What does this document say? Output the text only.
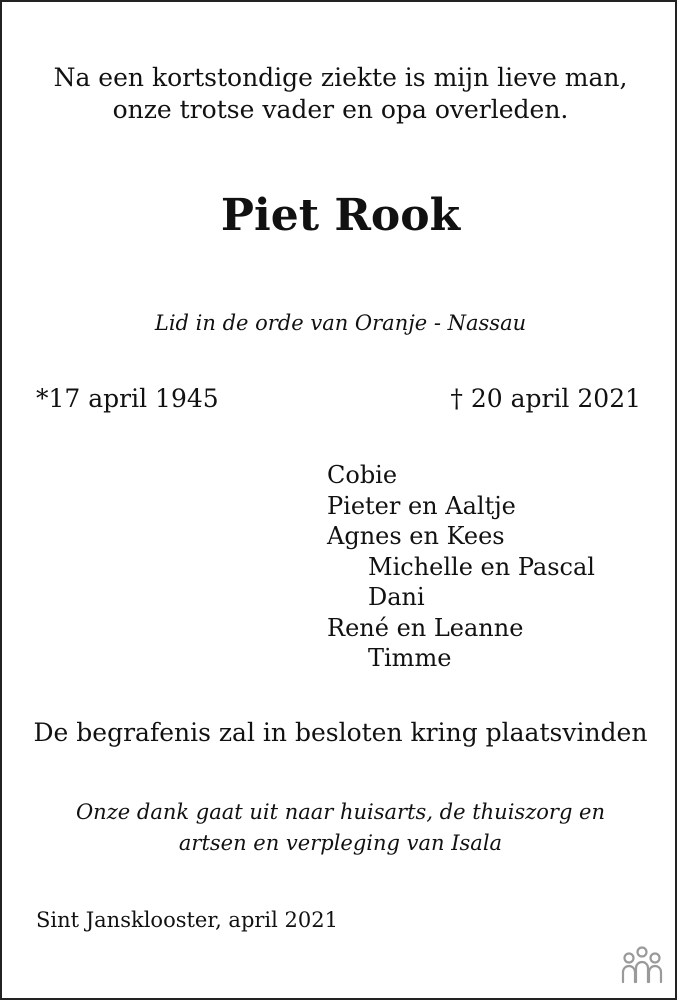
Na een kortstondige ziekte is mijn lieve man,
onze trotse vader en opa overleden.

Piet Rook

Lid in de orde van Oranje - Nassau

*17 april 1945	† 20 april 2021

Cobie
Pieter en Aaltje
Agnes en Kees
Michelle en Pascal
Dani
René en Leanne
Timme

De begrafenis zal in besloten kring plaatsvinden

Onze dank gaat uit naar huisarts, de thuiszorg en
artsen en verpleging van Isala

Sint Jansklooster, april 2021
